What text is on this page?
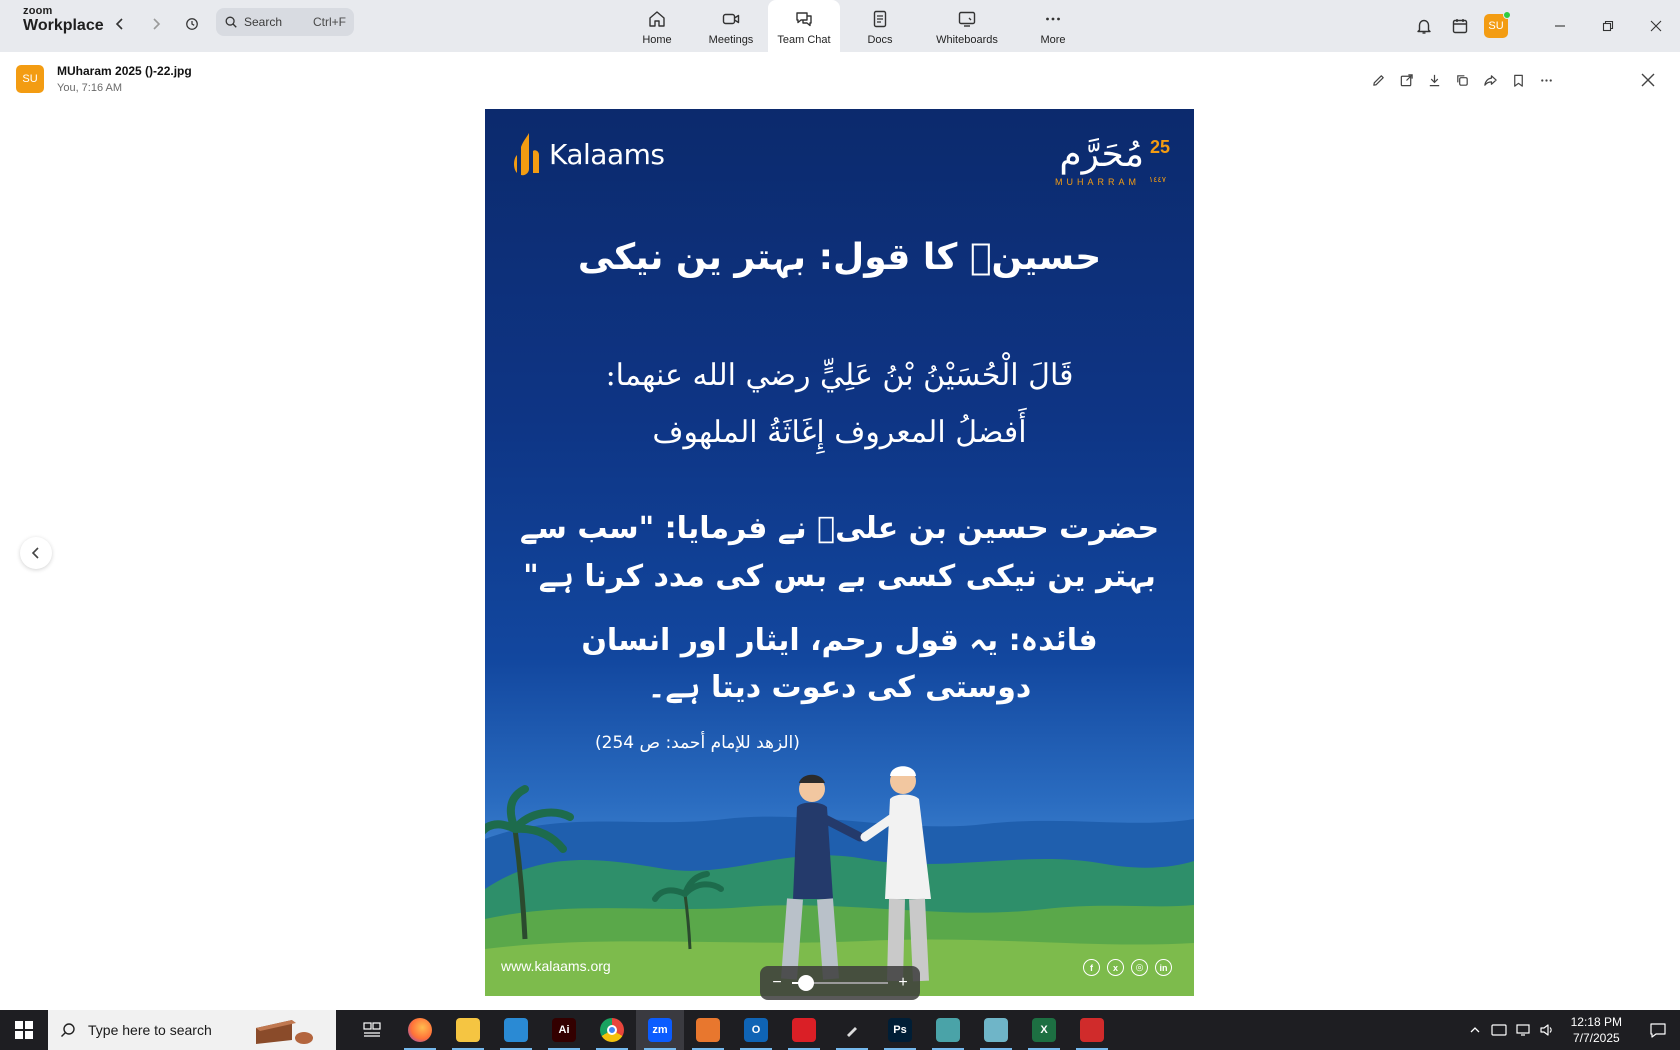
zoom
Workplace	Search	Ctrl+F
Home	Meetings Team Chat	Docs	Whiteboards	More
SU
SU
MUharam 2025 ()-22.jpg
You, 7:16 AM
Kalaams	25
مُحَرَّم
١٤٤٧
MUHARRAM
حسینؓ کا قول: بہتر ین نیکی
قَالَ الْحُسَيْنُ بْنُ عَلِيٍّ رضي الله عنهما:
أَفضلُ المعروف إِغَاثَةُ الملهوف
حضرت حسین بن علیؓ نے فرمایا: "سب سے
بہتر ین نیکی کسی بے بس کی مدد کرنا ہے"
فائدہ: یہ قول رحم، ایثار اور انسان دوستی کی دعوت دیتا ہے۔
(الزهد للإمام أحمد: ص 254)
www.kalaams.org	f	x	◎	in
−	+
Type here to search	Ai	zm	O	Ps	X
12:18 PM
7/7/2025
